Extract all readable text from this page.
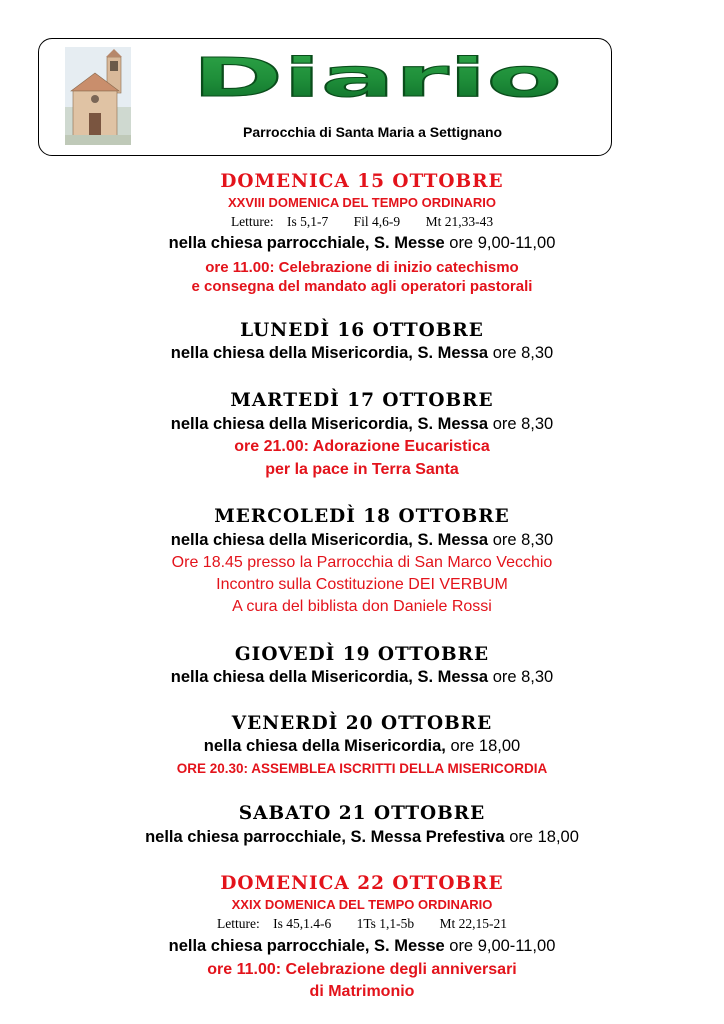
Diario
Parrocchia di Santa Maria a Settignano
DOMENICA 15 OTTOBRE
XXVIII DOMENICA DEL TEMPO ORDINARIO
Letture: Is 5,1-7 Fil 4,6-9 Mt 21,33-43
nella chiesa parrocchiale, S. Messe ore 9,00-11,00
ore 11.00: Celebrazione di inizio catechismo
e consegna del mandato agli operatori pastorali
LUNEDÌ 16 OTTOBRE
nella chiesa della Misericordia, S. Messa ore 8,30
MARTEDÌ 17 OTTOBRE
nella chiesa della Misericordia, S. Messa ore 8,30
ore 21.00: Adorazione Eucaristica
per la pace in Terra Santa
MERCOLEDÌ 18 OTTOBRE
nella chiesa della Misericordia, S. Messa ore 8,30
Ore 18.45 presso la Parrocchia di San Marco Vecchio
Incontro sulla Costituzione DEI VERBUM
A cura del biblista don Daniele Rossi
GIOVEDÌ 19 OTTOBRE
nella chiesa della Misericordia, S. Messa ore 8,30
VENERDÌ 20 OTTOBRE
nella chiesa della Misericordia, ore 18,00
ORE 20.30: ASSEMBLEA ISCRITTI DELLA MISERICORDIA
SABATO 21 OTTOBRE
nella chiesa parrocchiale, S. Messa Prefestiva ore 18,00
DOMENICA 22 OTTOBRE
XXIX DOMENICA DEL TEMPO ORDINARIO
Letture: Is 45,1.4-6 1Ts 1,1-5b Mt 22,15-21
nella chiesa parrocchiale, S. Messe ore 9,00-11,00
ore 11.00: Celebrazione degli anniversari
di Matrimonio
